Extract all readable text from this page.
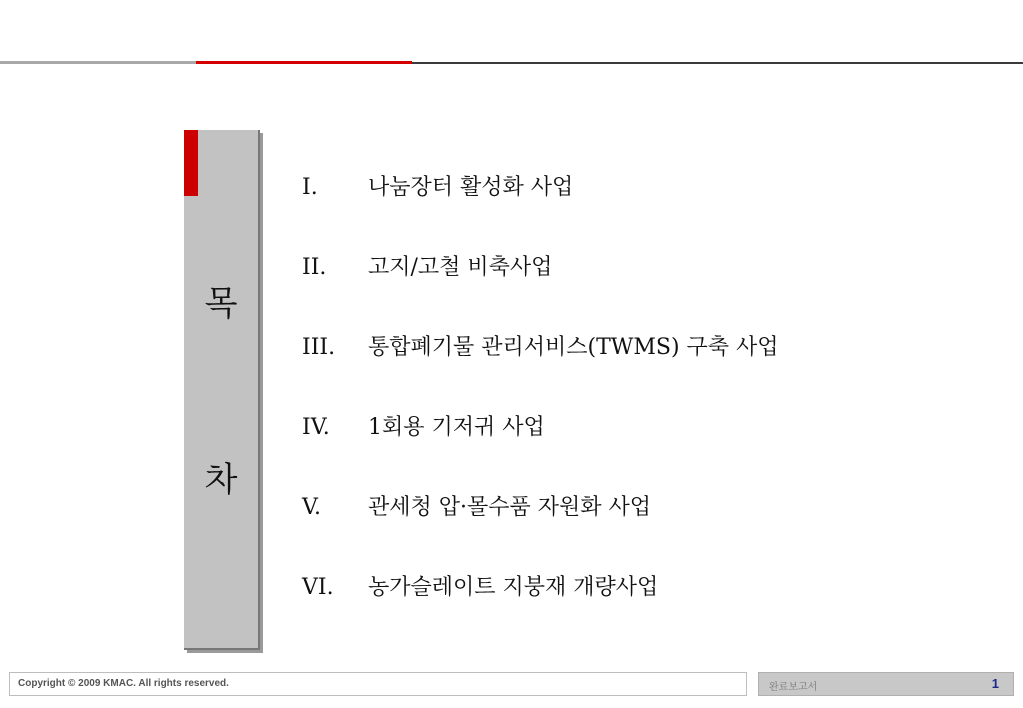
목
차
I. 나눔장터 활성화 사업
II. 고지/고철 비축사업
III. 통합폐기물 관리서비스(TWMS) 구축 사업
IV. 1회용 기저귀 사업
V. 관세청 압·몰수품 자원화 사업
VI. 농가슬레이트 지붕재 개량사업
Copyright © 2009 KMAC. All rights reserved.	완료보고서	1
